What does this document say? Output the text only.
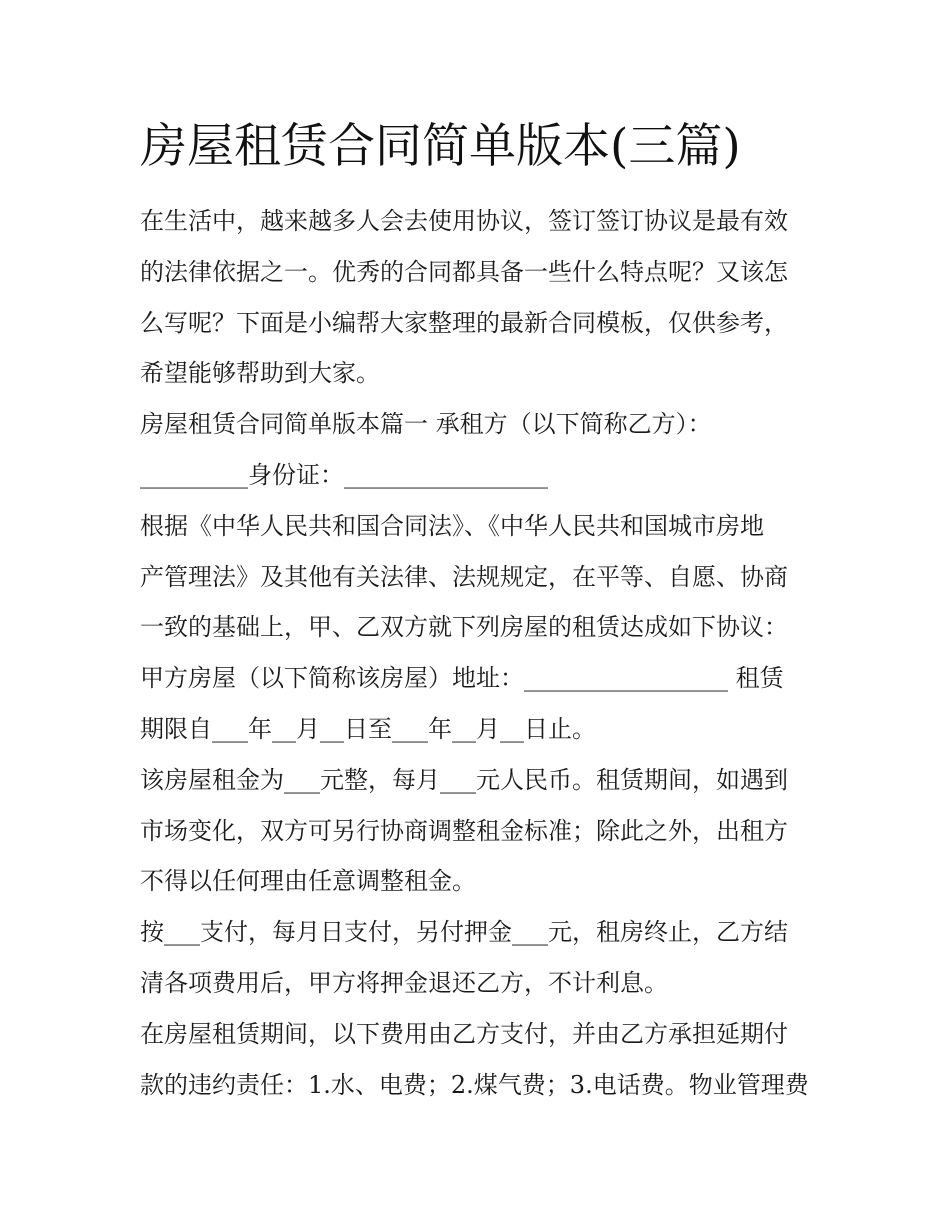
房屋租赁合同简单版本(三篇)
在生活中，越来越多人会去使用协议，签订签订协议是最有效
的法律依据之一。优秀的合同都具备一些什么特点呢？又该怎
么写呢？下面是小编帮大家整理的最新合同模板，仅供参考，
希望能够帮助到大家。
房屋租赁合同简单版本篇一 承租方（以下简称乙方）：
_________身份证：_________________
根据《中华人民共和国合同法》、《中华人民共和国城市房地
产管理法》及其他有关法律、法规规定，在平等、自愿、协商
一致的基础上，甲、乙双方就下列房屋的租赁达成如下协议：
甲方房屋（以下简称该房屋）地址：_________________ 租赁
期限自___年__月__日至___年__月__日止。
该房屋租金为___元整，每月___元人民币。租赁期间，如遇到
市场变化，双方可另行协商调整租金标准；除此之外，出租方
不得以任何理由任意调整租金。
按___支付，每月日支付，另付押金___元，租房终止，乙方结
清各项费用后，甲方将押金退还乙方，不计利息。
在房屋租赁期间，以下费用由乙方支付，并由乙方承担延期付
款的违约责任：1.水、电费；2.煤气费；3.电话费。物业管理费
